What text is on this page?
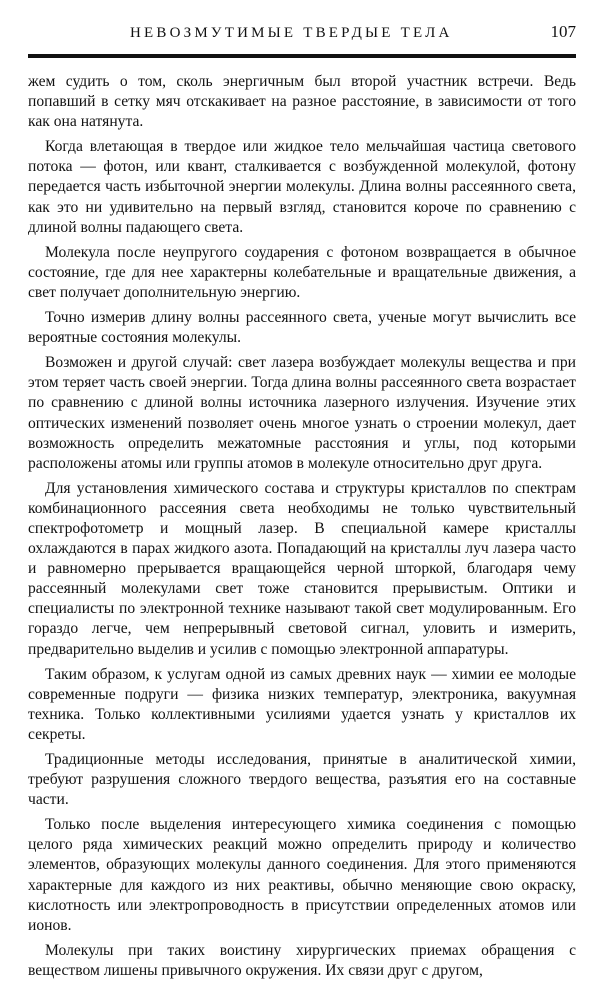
НЕВОЗМУТИМЫЕ ТВЕРДЫЕ ТЕЛА	107

жем судить о том, сколь энергичным был второй участник встречи. Ведь попавший в сетку мяч отскакивает на разное расстояние, в зависимости от того как она натянута.

Когда влетающая в твердое или жидкое тело мельчайшая частица светового потока — фотон, или квант, сталкивается с возбужденной молекулой, фотону передается часть избыточной энергии молекулы. Длина волны рассеянного света, как это ни удивительно на первый взгляд, становится короче по сравнению с длиной волны падающего света.

Молекула после неупругого соударения с фотоном возвращается в обычное состояние, где для нее характерны колебательные и вращательные движения, а свет получает дополнительную энергию.

Точно измерив длину волны рассеянного света, ученые могут вычислить все вероятные состояния молекулы.

Возможен и другой случай: свет лазера возбуждает молекулы вещества и при этом теряет часть своей энергии. Тогда длина волны рассеянного света возрастает по сравнению с длиной волны источника лазерного излучения. Изучение этих оптических изменений позволяет очень многое узнать о строении молекул, дает возможность определить межатомные расстояния и углы, под которыми расположены атомы или группы атомов в молекуле относительно друг друга.

Для установления химического состава и структуры кристаллов по спектрам комбинационного рассеяния света необходимы не только чувствительный спектрофотометр и мощный лазер. В специальной камере кристаллы охлаждаются в парах жидкого азота. Попадающий на кристаллы луч лазера часто и равномерно прерывается вращающейся черной шторкой, благодаря чему рассеянный молекулами свет тоже становится прерывистым. Оптики и специалисты по электронной технике называют такой свет модулированным. Его гораздо легче, чем непрерывный световой сигнал, уловить и измерить, предварительно выделив и усилив с помощью электронной аппаратуры.

Таким образом, к услугам одной из самых древних наук — химии ее молодые современные подруги — физика низких температур, электроника, вакуумная техника. Только коллективными усилиями удается узнать у кристаллов их секреты.

Традиционные методы исследования, принятые в аналитической химии, требуют разрушения сложного твердого вещества, разъятия его на составные части.

Только после выделения интересующего химика соединения с помощью целого ряда химических реакций можно определить природу и количество элементов, образующих молекулы данного соединения. Для этого применяются характерные для каждого из них реактивы, обычно меняющие свою окраску, кислотность или электропроводность в присутствии определенных атомов или ионов.

Молекулы при таких воистину хирургических приемах обращения с веществом лишены привычного окружения. Их связи друг с другом,
